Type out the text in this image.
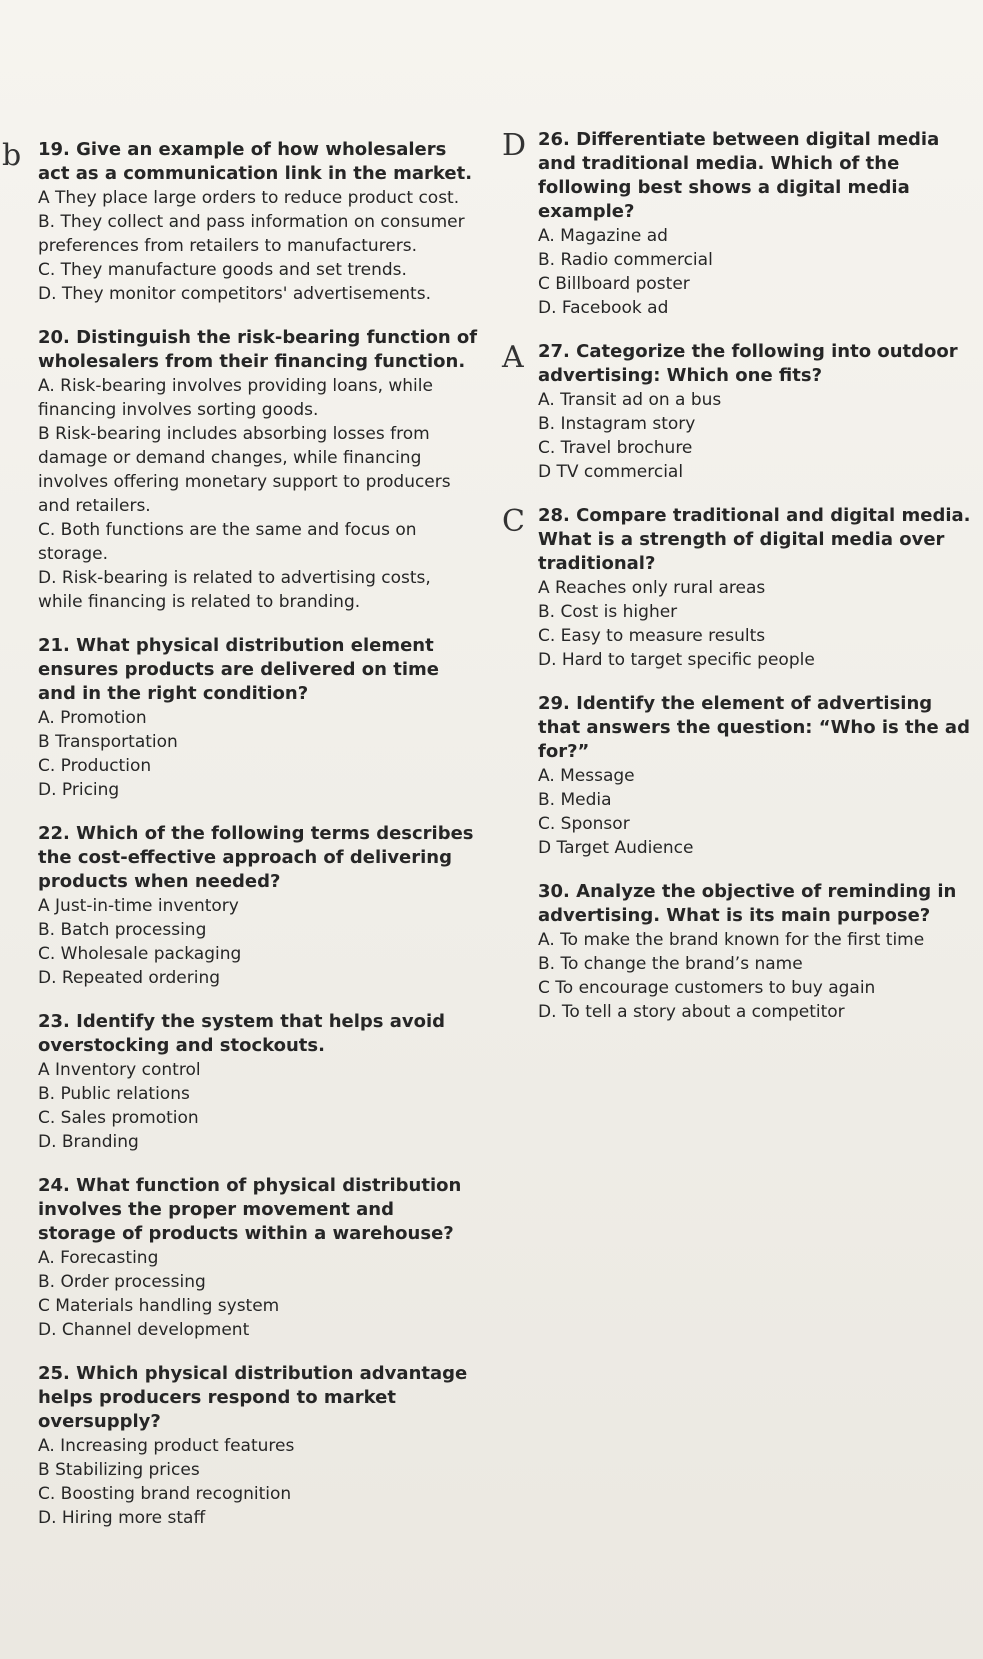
19. Give an example of how wholesalers act as a communication link in the market.
b
A They place large orders to reduce product cost.
B. They collect and pass information on consumer preferences from retailers to manufacturers.
C. They manufacture goods and set trends.
D. They monitor competitors' advertisements.
20. Distinguish the risk-bearing function of wholesalers from their financing function.
A. Risk-bearing involves providing loans, while financing involves sorting goods.
B Risk-bearing includes absorbing losses from damage or demand changes, while financing involves offering monetary support to producers and retailers.
C. Both functions are the same and focus on storage.
D. Risk-bearing is related to advertising costs, while financing is related to branding.
21. What physical distribution element ensures products are delivered on time and in the right condition?
A. Promotion
B Transportation
C. Production
D. Pricing
22. Which of the following terms describes the cost-effective approach of delivering products when needed?
A Just-in-time inventory
B. Batch processing
C. Wholesale packaging
D. Repeated ordering
23. Identify the system that helps avoid overstocking and stockouts.
A Inventory control
B. Public relations
C. Sales promotion
D. Branding
24. What function of physical distribution involves the proper movement and storage of products within a warehouse?
A. Forecasting
B. Order processing
C Materials handling system
D. Channel development
25. Which physical distribution advantage helps producers respond to market oversupply?
A. Increasing product features
B Stabilizing prices
C. Boosting brand recognition
D. Hiring more staff
26. Differentiate between digital media and traditional media. Which of the following best shows a digital media example?
D
A. Magazine ad
B. Radio commercial
C Billboard poster
D. Facebook ad
27. Categorize the following into outdoor advertising: Which one fits?
A
A. Transit ad on a bus
B. Instagram story
C. Travel brochure
D TV commercial
28. Compare traditional and digital media. What is a strength of digital media over traditional?
C
A Reaches only rural areas
B. Cost is higher
C. Easy to measure results
D. Hard to target specific people
29. Identify the element of advertising that answers the question: “Who is the ad for?”
A. Message
B. Media
C. Sponsor
D Target Audience
30. Analyze the objective of reminding in advertising. What is its main purpose?
A. To make the brand known for the first time
B. To change the brand’s name
C To encourage customers to buy again
D. To tell a story about a competitor
